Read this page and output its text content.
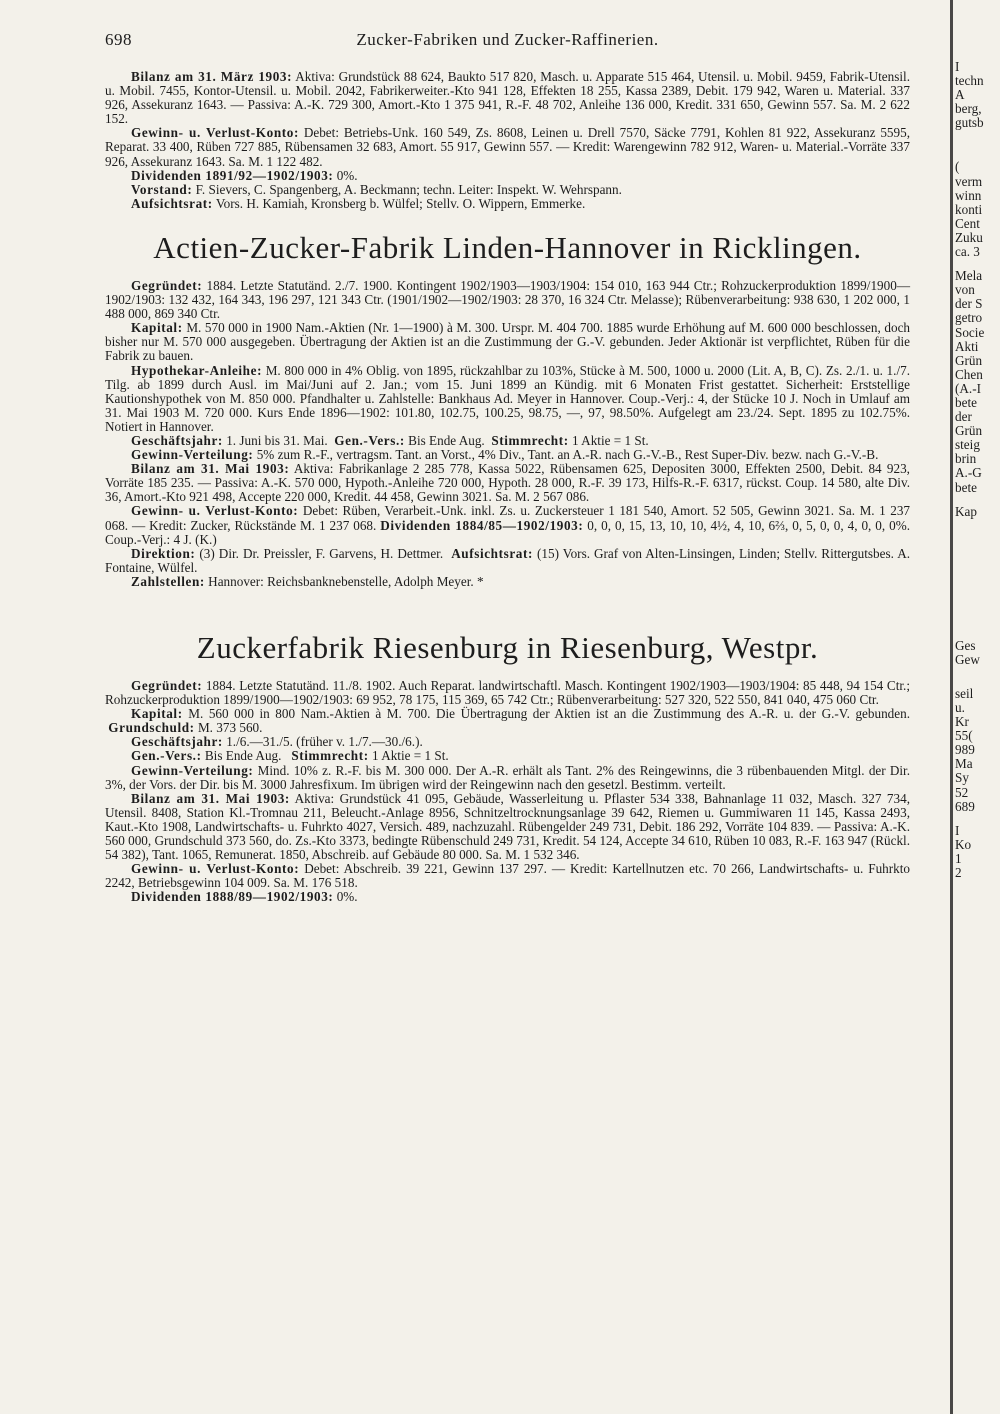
698	Zucker-Fabriken und Zucker-Raffinerien.

Bilanz am 31. März 1903: Aktiva: Grundstück 88 624, Baukto 517 820, Masch. u. Apparate 515 464, Utensil. u. Mobil. 9459, Fabrik-Utensil. u. Mobil. 7455, Kontor-Utensil. u. Mobil. 2042, Fabrikerweiter.-Kto 941 128, Effekten 18 255, Kassa 2389, Debit. 179 942, Waren u. Material. 337 926, Assekuranz 1643. — Passiva: A.-K. 729 300, Amort.-Kto 1 375 941, R.-F. 48 702, Anleihe 136 000, Kredit. 331 650, Gewinn 557. Sa. M. 2 622 152.

Gewinn- u. Verlust-Konto: Debet: Betriebs-Unk. 160 549, Zs. 8608, Leinen u. Drell 7570, Säcke 7791, Kohlen 81 922, Assekuranz 5595, Reparat. 33 400, Rüben 727 885, Rübensamen 32 683, Amort. 55 917, Gewinn 557. — Kredit: Warengewinn 782 912, Waren- u. Material.-Vorräte 337 926, Assekuranz 1643. Sa. M. 1 122 482.

Dividenden 1891/92—1902/1903: 0%.

Vorstand: F. Sievers, C. Spangenberg, A. Beckmann; techn. Leiter: Inspekt. W. Wehrspann.

Aufsichtsrat: Vors. H. Kamiah, Kronsberg b. Wülfel; Stellv. O. Wippern, Emmerke.

Actien-Zucker-Fabrik Linden-Hannover in Ricklingen.

Gegründet: 1884. Letzte Statutänd. 2./7. 1900. Kontingent 1902/1903—1903/1904: 154 010, 163 944 Ctr.; Rohzuckerproduktion 1899/1900—1902/1903: 132 432, 164 343, 196 297, 121 343 Ctr. (1901/1902—1902/1903: 28 370, 16 324 Ctr. Melasse); Rübenverarbeitung: 938 630, 1 202 000, 1 488 000, 869 340 Ctr.

Kapital: M. 570 000 in 1900 Nam.-Aktien (Nr. 1—1900) à M. 300. Urspr. M. 404 700. 1885 wurde Erhöhung auf M. 600 000 beschlossen, doch bisher nur M. 570 000 ausgegeben. Übertragung der Aktien ist an die Zustimmung der G.-V. gebunden. Jeder Aktionär ist verpflichtet, Rüben für die Fabrik zu bauen.

Hypothekar-Anleihe: M. 800 000 in 4% Oblig. von 1895, rückzahlbar zu 103%, Stücke à M. 500, 1000 u. 2000 (Lit. A, B, C). Zs. 2./1. u. 1./7. Tilg. ab 1899 durch Ausl. im Mai/Juni auf 2. Jan.; vom 15. Juni 1899 an Kündig. mit 6 Monaten Frist gestattet. Sicherheit: Erststellige Kautionshypothek von M. 850 000. Pfandhalter u. Zahlstelle: Bankhaus Ad. Meyer in Hannover. Coup.-Verj.: 4, der Stücke 10 J. Noch in Umlauf am 31. Mai 1903 M. 720 000. Kurs Ende 1896—1902: 101.80, 102.75, 100.25, 98.75, —, 97, 98.50%. Aufgelegt am 23./24. Sept. 1895 zu 102.75%. Notiert in Hannover.

Geschäftsjahr: 1. Juni bis 31. Mai. Gen.-Vers.: Bis Ende Aug. Stimmrecht: 1 Aktie = 1 St.

Gewinn-Verteilung: 5% zum R.-F., vertragsm. Tant. an Vorst., 4% Div., Tant. an A.-R. nach G.-V.-B., Rest Super-Div. bezw. nach G.-V.-B.

Bilanz am 31. Mai 1903: Aktiva: Fabrikanlage 2 285 778, Kassa 5022, Rübensamen 625, Depositen 3000, Effekten 2500, Debit. 84 923, Vorräte 185 235. — Passiva: A.-K. 570 000, Hypoth.-Anleihe 720 000, Hypoth. 28 000, R.-F. 39 173, Hilfs-R.-F. 6317, rückst. Coup. 14 580, alte Div. 36, Amort.-Kto 921 498, Accepte 220 000, Kredit. 44 458, Gewinn 3021. Sa. M. 2 567 086.

Gewinn- u. Verlust-Konto: Debet: Rüben, Verarbeit.-Unk. inkl. Zs. u. Zuckersteuer 1 181 540, Amort. 52 505, Gewinn 3021. Sa. M. 1 237 068. — Kredit: Zucker, Rückstände M. 1 237 068. Dividenden 1884/85—1902/1903: 0, 0, 0, 15, 13, 10, 10, 4½, 4, 10, 6⅔, 0, 5, 0, 0, 4, 0, 0, 0%. Coup.-Verj.: 4 J. (K.)

Direktion: (3) Dir. Dr. Preissler, F. Garvens, H. Dettmer. Aufsichtsrat: (15) Vors. Graf von Alten-Linsingen, Linden; Stellv. Rittergutsbes. A. Fontaine, Wülfel.

Zahlstellen: Hannover: Reichsbanknebenstelle, Adolph Meyer. *

Zuckerfabrik Riesenburg in Riesenburg, Westpr.

Gegründet: 1884. Letzte Statutänd. 11./8. 1902. Auch Reparat. landwirtschaftl. Masch. Kontingent 1902/1903—1903/1904: 85 448, 94 154 Ctr.; Rohzuckerproduktion 1899/1900—1902/1903: 69 952, 78 175, 115 369, 65 742 Ctr.; Rübenverarbeitung: 527 320, 522 550, 841 040, 475 060 Ctr.

Kapital: M. 560 000 in 800 Nam.-Aktien à M. 700. Die Übertragung der Aktien ist an die Zustimmung des A.-R. u. der G.-V. gebunden.  Grundschuld: M. 373 560.

Geschäftsjahr: 1./6.—31./5. (früher v. 1./7.—30./6.).

Gen.-Vers.: Bis Ende Aug. Stimmrecht: 1 Aktie = 1 St.

Gewinn-Verteilung: Mind. 10% z. R.-F. bis M. 300 000. Der A.-R. erhält als Tant. 2% des Reingewinns, die 3 rübenbauenden Mitgl. der Dir. 3%, der Vors. der Dir. bis M. 3000 Jahresfixum. Im übrigen wird der Reingewinn nach den gesetzl. Bestimm. verteilt.

Bilanz am 31. Mai 1903: Aktiva: Grundstück 41 095, Gebäude, Wasserleitung u. Pflaster 534 338, Bahnanlage 11 032, Masch. 327 734, Utensil. 8408, Station Kl.-Tromnau 211, Beleucht.-Anlage 8956, Schnitzeltrocknungsanlage 39 642, Riemen u. Gummiwaren 11 145, Kassa 2493, Kaut.-Kto 1908, Landwirtschafts- u. Fuhrkto 4027, Versich. 489, nachzuzahl. Rübengelder 249 731, Debit. 186 292, Vorräte 104 839. — Passiva: A.-K. 560 000, Grundschuld 373 560, do. Zs.-Kto 3373, bedingte Rübenschuld 249 731, Kredit. 54 124, Accepte 34 610, Rüben 10 083, R.-F. 163 947 (Rückl. 54 382), Tant. 1065, Remunerat. 1850, Abschreib. auf Gebäude 80 000. Sa. M. 1 532 346.

Gewinn- u. Verlust-Konto: Debet: Abschreib. 39 221, Gewinn 137 297. — Kredit: Kartellnutzen etc. 70 266, Landwirtschafts- u. Fuhrkto 2242, Betriebsgewinn 104 009. Sa. M. 176 518.

Dividenden 1888/89—1902/1903: 0%.

I
techn
A
berg,
gutsb
(
verm
winn
konti
Cent
Zuku
ca. 3
Mela
von
der S
getro
Socie
Akti
Grün
Chen
(A.-I
bete
der
Grün
steig
brin
A.-G
bete
Kap
Ges
Gew
seil
u.
Kr
55(
989
Ma
Sy
52
689
I
Ko
1
2
